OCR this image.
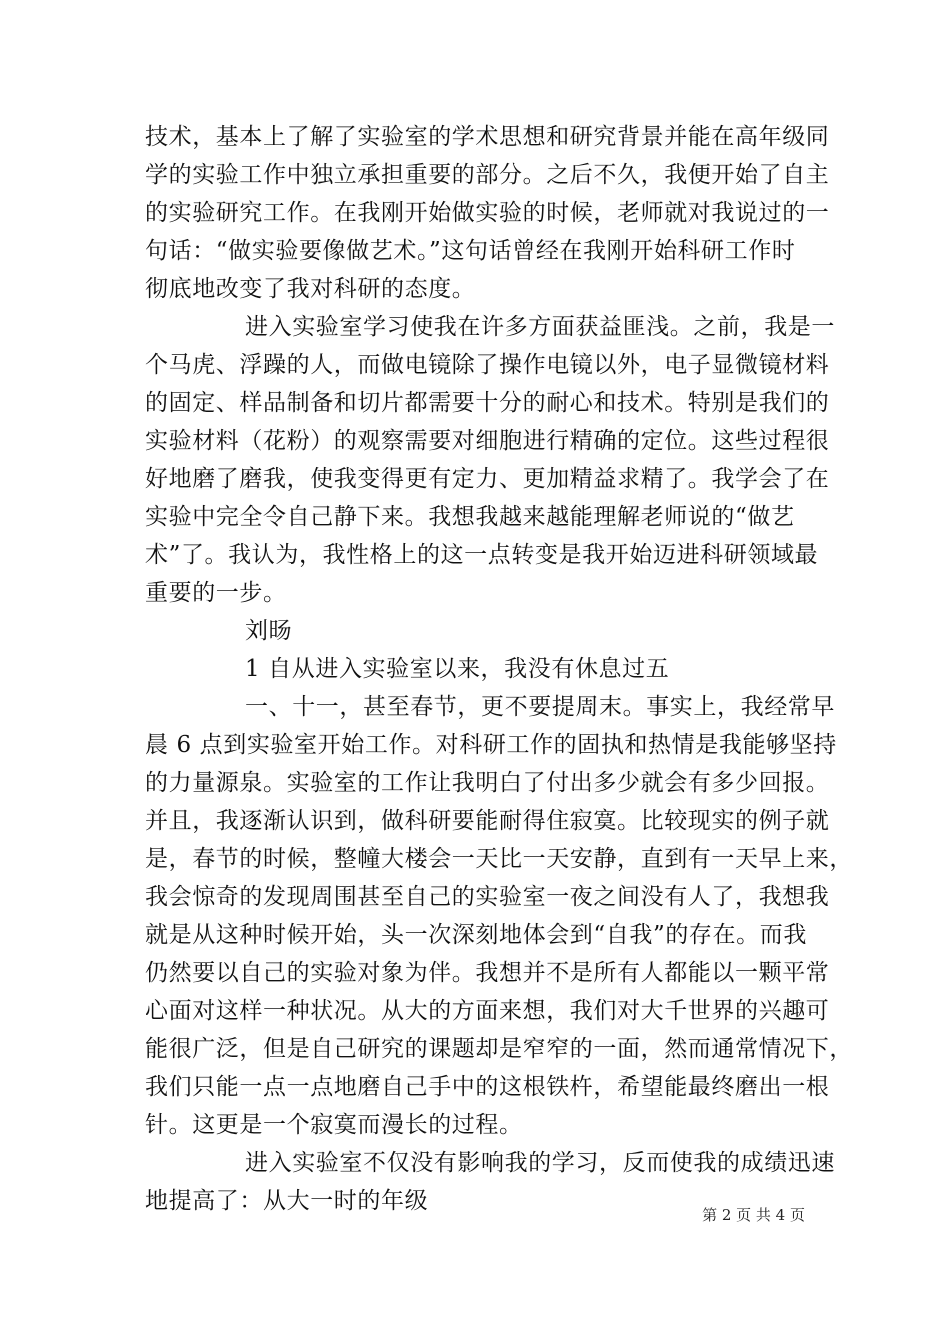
技术，基本上了解了实验室的学术思想和研究背景并能在高年级同
学的实验工作中独立承担重要的部分。之后不久，我便开始了自主
的实验研究工作。在我刚开始做实验的时候，老师就对我说过的一
句话：“做实验要像做艺术。”这句话曾经在我刚开始科研工作时
彻底地改变了我对科研的态度。
进入实验室学习使我在许多方面获益匪浅。之前，我是一
个马虎、浮躁的人，而做电镜除了操作电镜以外，电子显微镜材料
的固定、样品制备和切片都需要十分的耐心和技术。特别是我们的
实验材料（花粉）的观察需要对细胞进行精确的定位。这些过程很
好地磨了磨我，使我变得更有定力、更加精益求精了。我学会了在
实验中完全令自己静下来。我想我越来越能理解老师说的“做艺
术”了。我认为，我性格上的这一点转变是我开始迈进科研领域最
重要的一步。
刘旸
1 自从进入实验室以来，我没有休息过五
一、十一，甚至春节，更不要提周末。事实上，我经常早
晨 6 点到实验室开始工作。对科研工作的固执和热情是我能够坚持
的力量源泉。实验室的工作让我明白了付出多少就会有多少回报。
并且，我逐渐认识到，做科研要能耐得住寂寞。比较现实的例子就
是，春节的时候，整幢大楼会一天比一天安静，直到有一天早上来，
我会惊奇的发现周围甚至自己的实验室一夜之间没有人了，我想我
就是从这种时候开始，头一次深刻地体会到“自我”的存在。而我
仍然要以自己的实验对象为伴。我想并不是所有人都能以一颗平常
心面对这样一种状况。从大的方面来想，我们对大千世界的兴趣可
能很广泛，但是自己研究的课题却是窄窄的一面，然而通常情况下，
我们只能一点一点地磨自己手中的这根铁杵，希望能最终磨出一根
针。这更是一个寂寞而漫长的过程。
进入实验室不仅没有影响我的学习，反而使我的成绩迅速
地提高了：从大一时的年级
第 2 页 共 4 页
